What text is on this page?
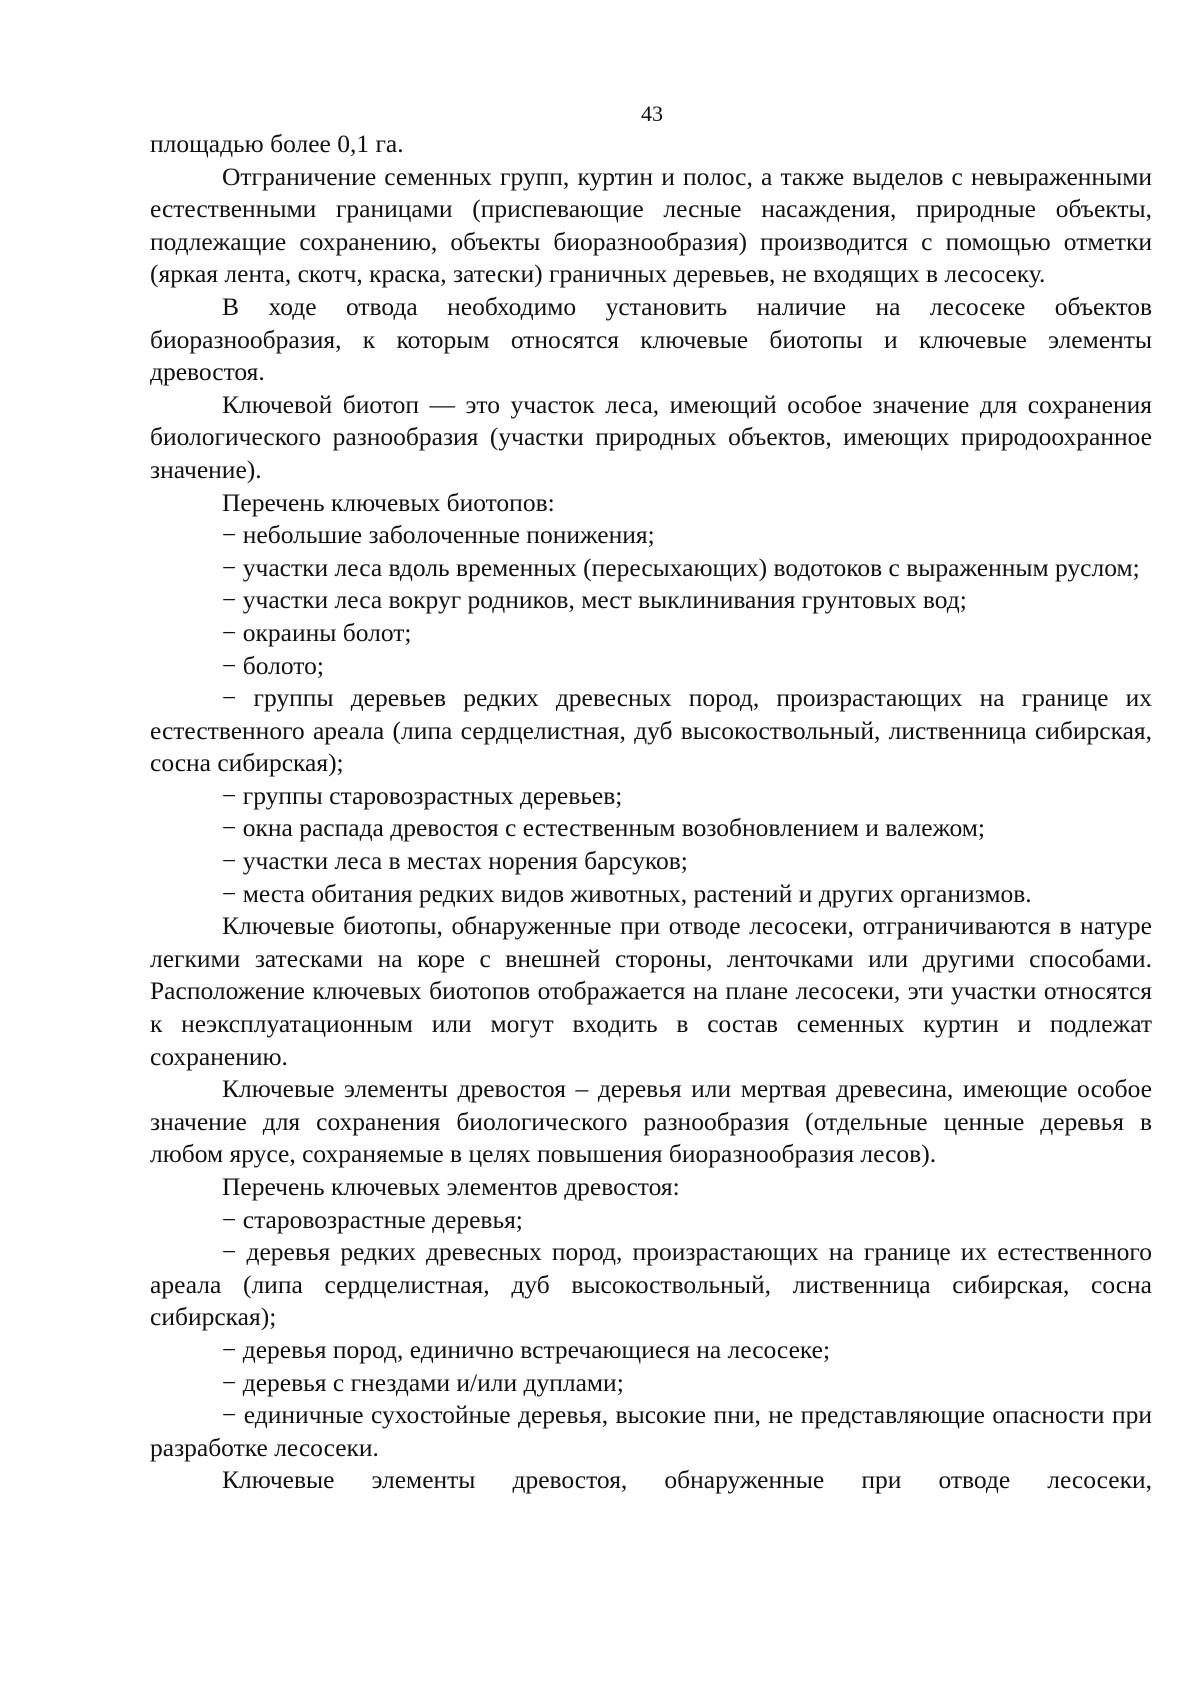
43

площадью более 0,1 га.

Отграничение семенных групп, куртин и полос, а также выделов с невыраженными естественными границами (приспевающие лесные насаждения, природные объекты, подлежащие сохранению, объекты биоразнообразия) производится с помощью отметки (яркая лента, скотч, краска, затески) граничных деревьев, не входящих в лесосеку.

В ходе отвода необходимо установить наличие на лесосеке объектов биоразнообразия, к которым относятся ключевые биотопы и ключевые элементы древостоя.

Ключевой биотоп — это участок леса, имеющий особое значение для сохранения биологического разнообразия (участки природных объектов, имеющих природоохранное значение).

Перечень ключевых биотопов:

− небольшие заболоченные понижения;

− участки леса вдоль временных (пересыхающих) водотоков с выраженным руслом;

− участки леса вокруг родников, мест выклинивания грунтовых вод;

− окраины болот;

− болото;

− группы деревьев редких древесных пород, произрастающих на границе их естественного ареала (липа сердцелистная, дуб высокоствольный, лиственница сибирская, сосна сибирская);

− группы старовозрастных деревьев;

− окна распада древостоя с естественным возобновлением и валежом;

− участки леса в местах норения барсуков;

− места обитания редких видов животных, растений и других организмов.

Ключевые биотопы, обнаруженные при отводе лесосеки, отграничиваются в натуре легкими затесками на коре с внешней стороны, ленточками или другими способами. Расположение ключевых биотопов отображается на плане лесосеки, эти участки относятся к неэксплуатационным или могут входить в состав семенных куртин и подлежат сохранению.

Ключевые элементы древостоя – деревья или мертвая древесина, имеющие особое значение для сохранения биологического разнообразия (отдельные ценные деревья в любом ярусе, сохраняемые в целях повышения биоразнообразия лесов).

Перечень ключевых элементов древостоя:

− старовозрастные деревья;

− деревья редких древесных пород, произрастающих на границе их естественного ареала (липа сердцелистная, дуб высокоствольный, лиственница сибирская, сосна сибирская);

− деревья пород, единично встречающиеся на лесосеке;

− деревья с гнездами и/или дуплами;

− единичные сухостойные деревья, высокие пни, не представляющие опасности при разработке лесосеки.

Ключевые элементы древостоя, обнаруженные при отводе лесосеки,
